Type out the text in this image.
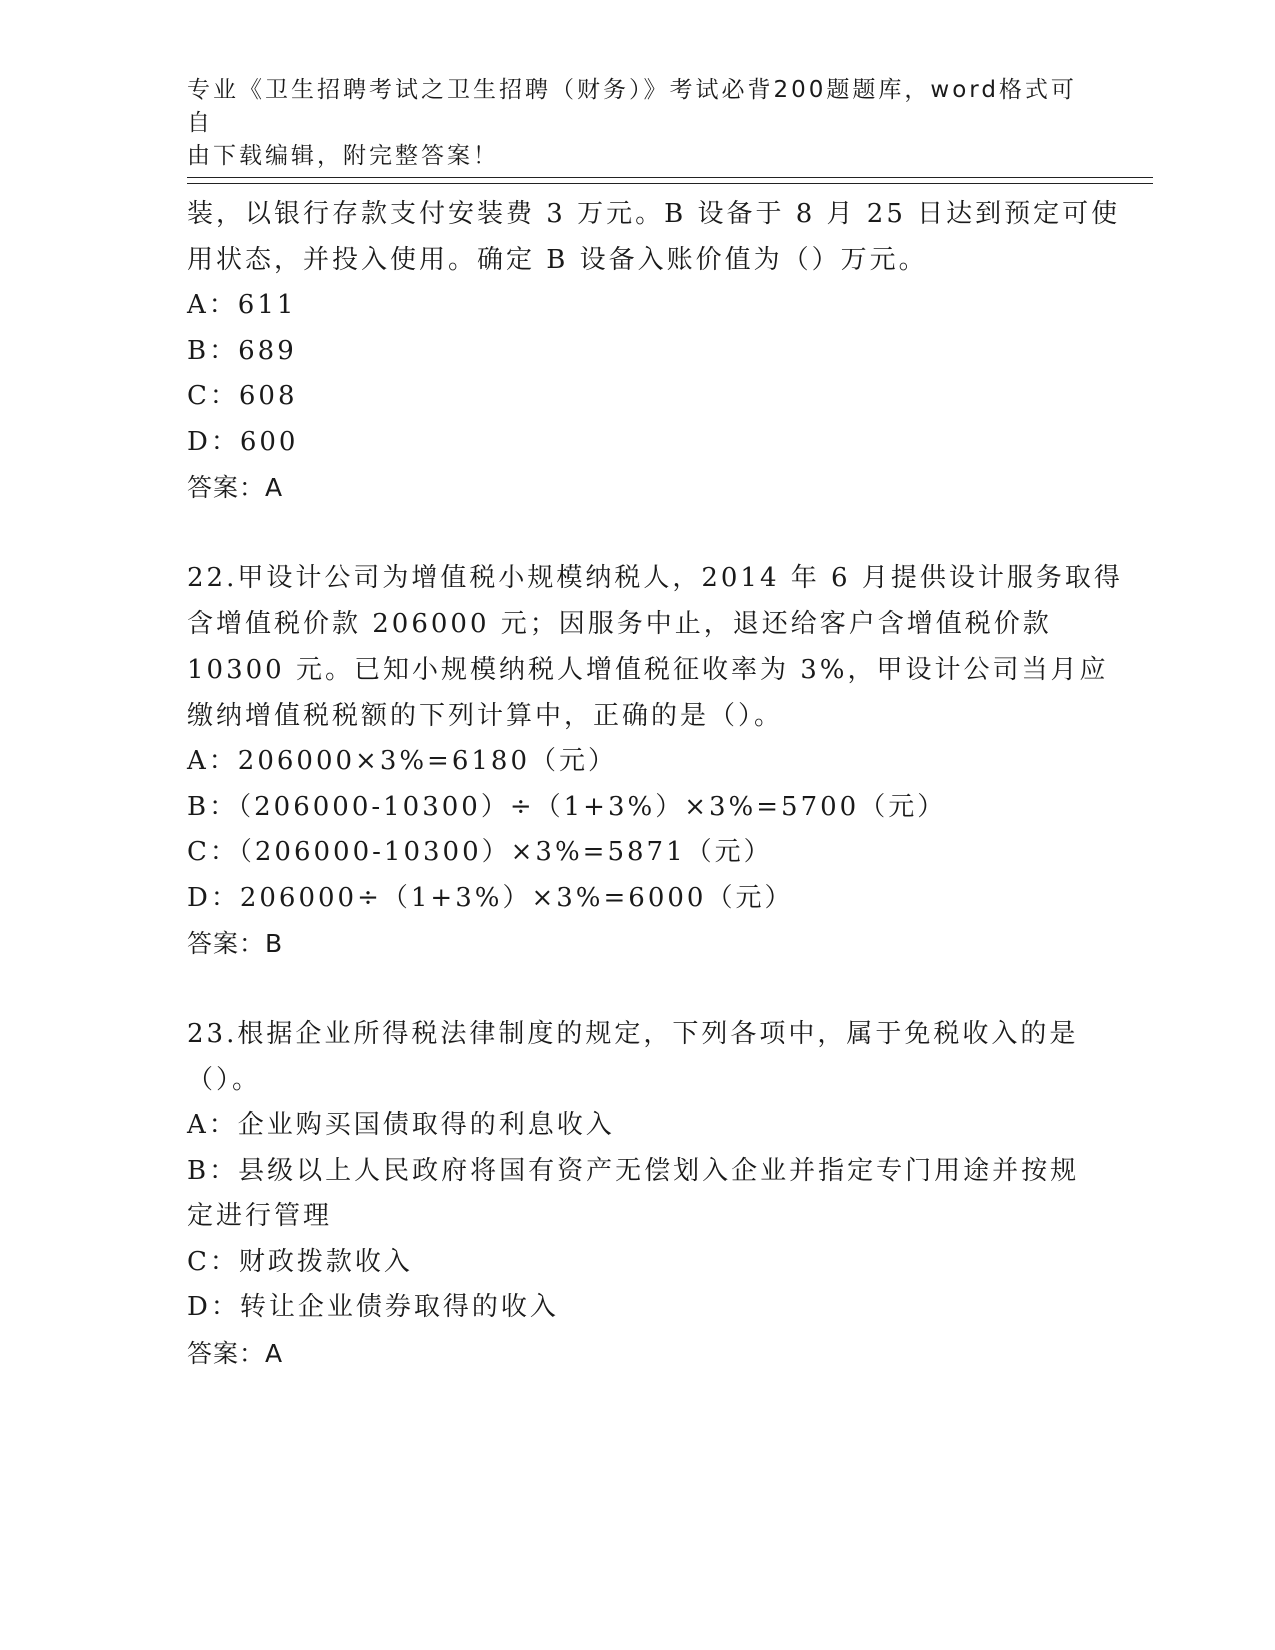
专业《卫生招聘考试之卫生招聘（财务）》考试必背200题题库，word格式可自
由下载编辑，附完整答案！
装，以银行存款支付安装费 3 万元。B 设备于 8 月 25 日达到预定可使
用状态，并投入使用。确定 B 设备入账价值为（）万元。
A：611
B：689
C：608
D：600
答案：A
22.甲设计公司为增值税小规模纳税人，2014 年 6 月提供设计服务取得
含增值税价款 206000 元；因服务中止，退还给客户含增值税价款
10300 元。已知小规模纳税人增值税征收率为 3%，甲设计公司当月应
缴纳增值税税额的下列计算中，正确的是（）。
A：206000×3%=6180（元）
B：（206000-10300）÷（1+3%）×3%=5700（元）
C：（206000-10300）×3%=5871（元）
D：206000÷（1+3%）×3%=6000（元）
答案：B
23.根据企业所得税法律制度的规定，下列各项中，属于免税收入的是
（）。
A：企业购买国债取得的利息收入
B：县级以上人民政府将国有资产无偿划入企业并指定专门用途并按规
定进行管理
C：财政拨款收入
D：转让企业债券取得的收入
答案：A
